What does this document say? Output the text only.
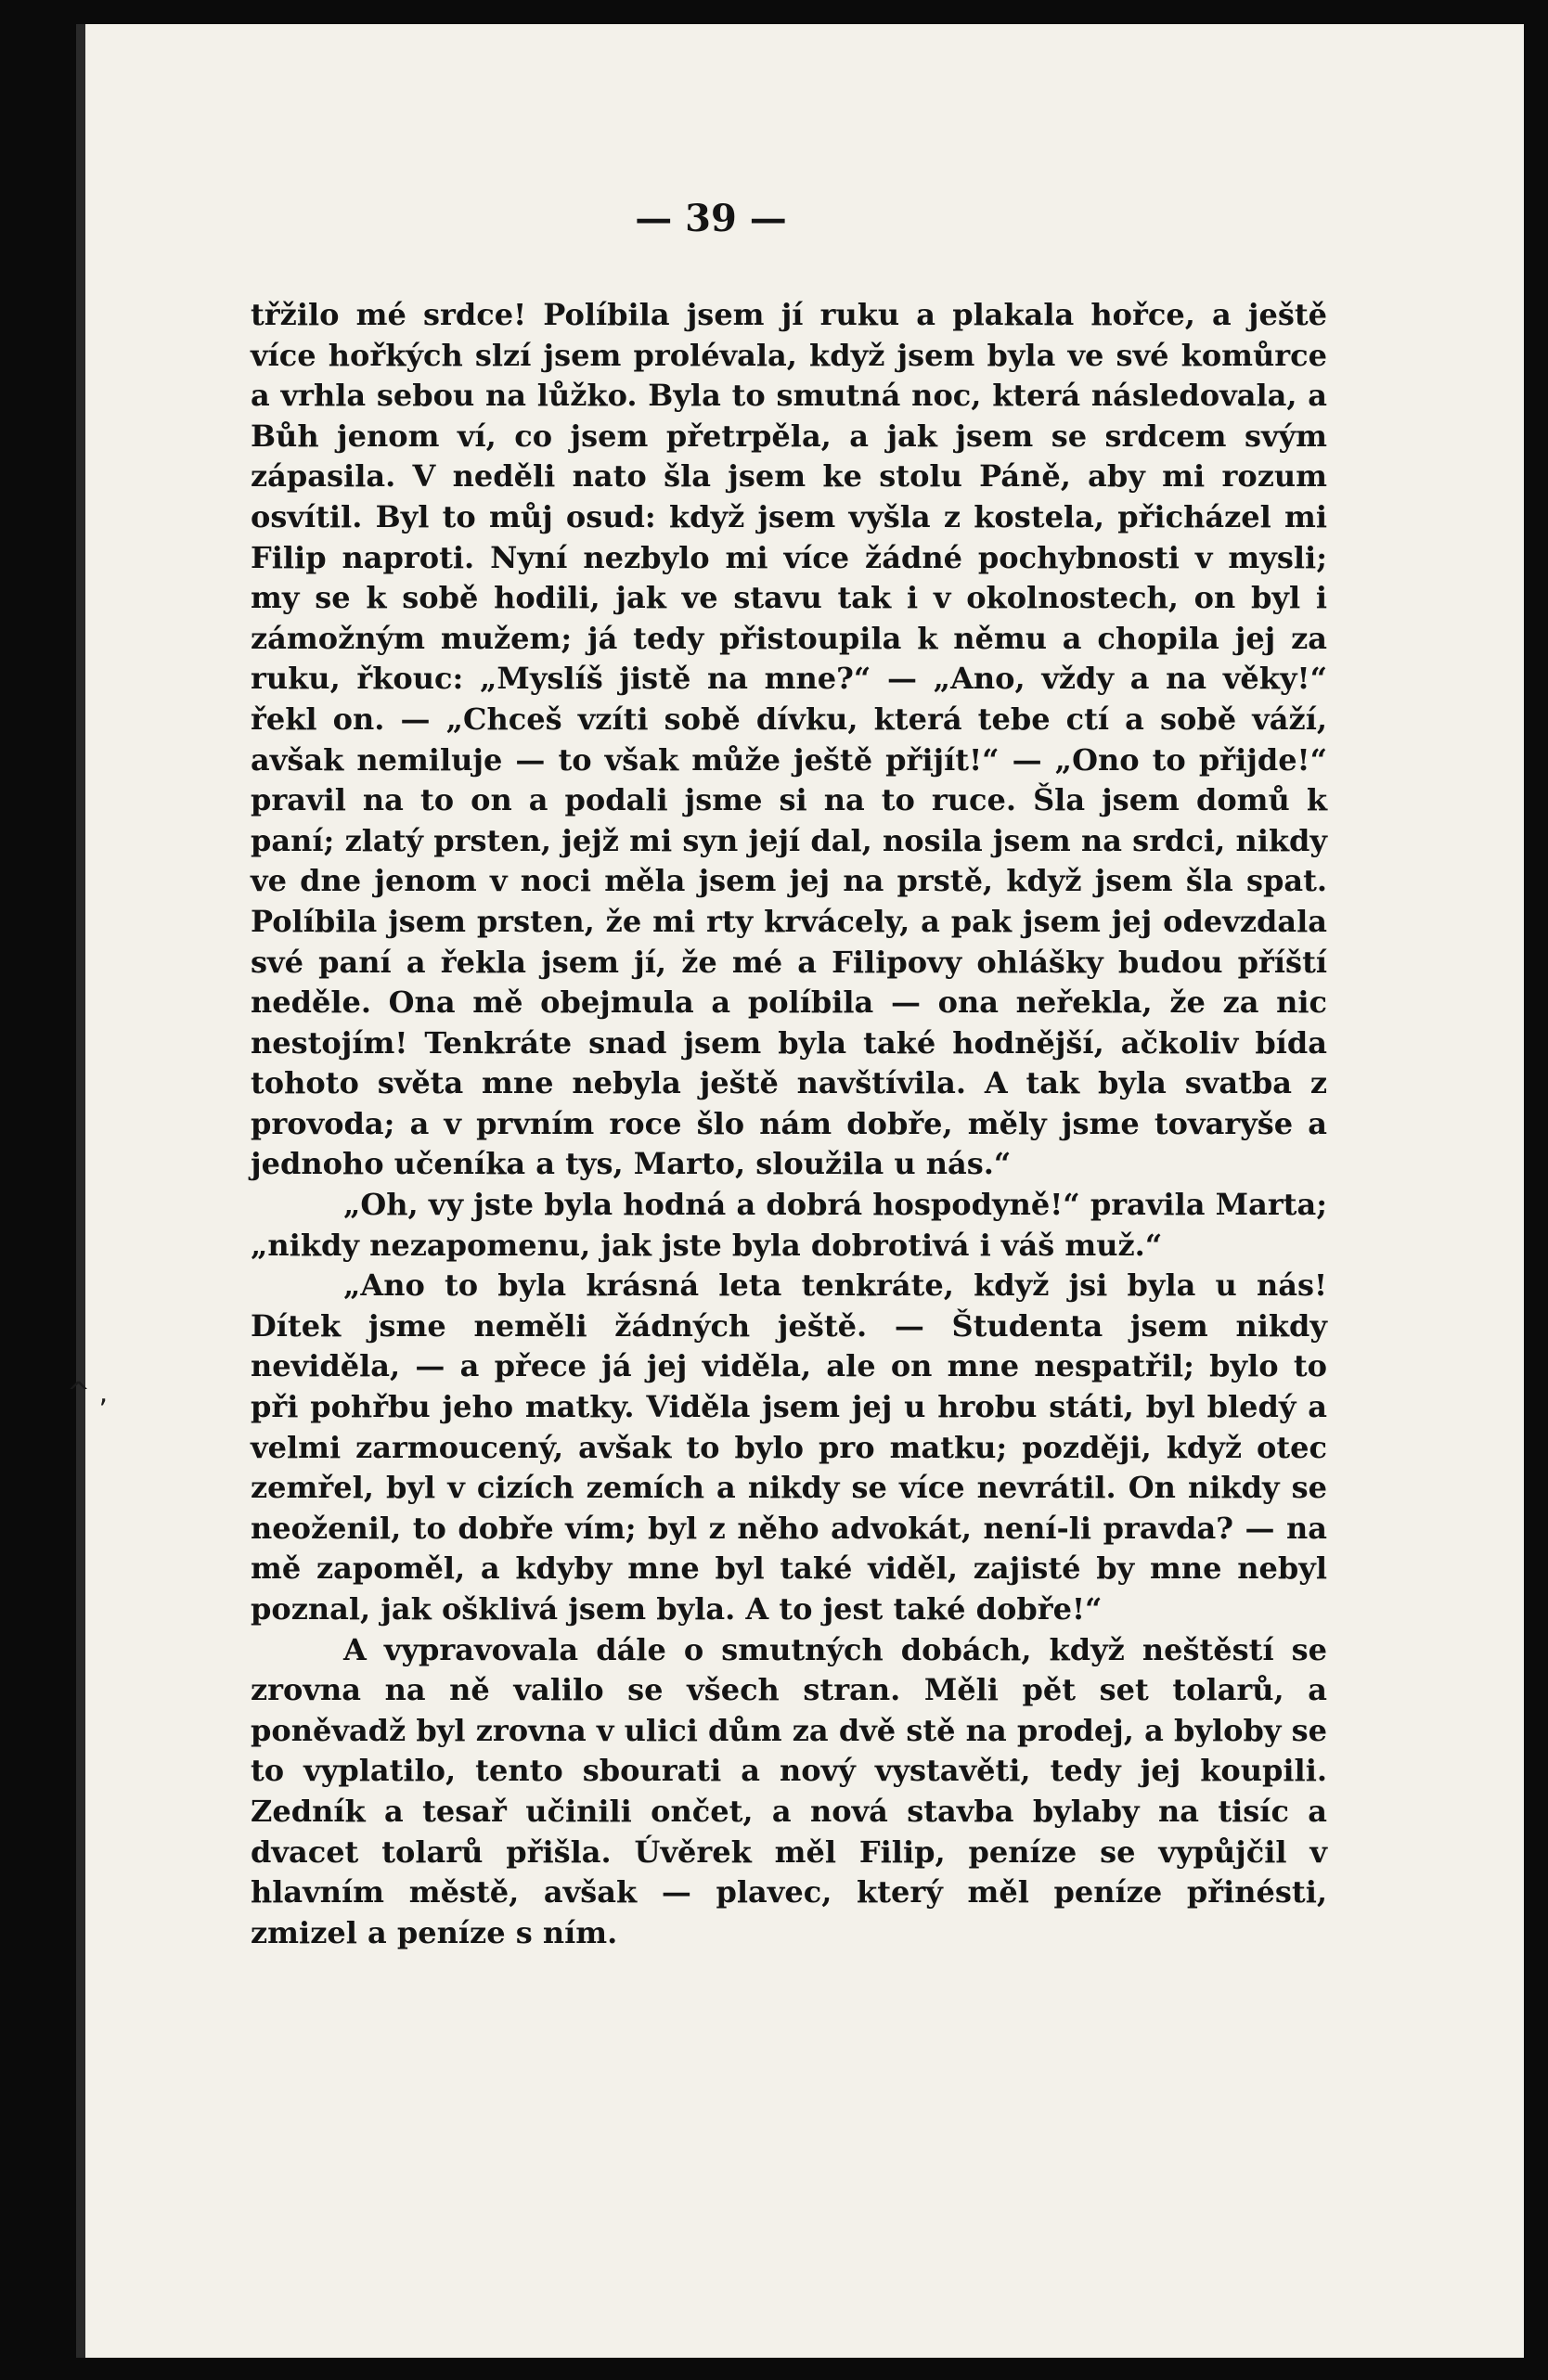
^ ,
— 39 —

třžilo mé srdce! Políbila jsem jí ruku a plakala hořce, a ještě více hořkých slzí jsem prolévala, když jsem byla ve své komůrce a vrhla sebou na lůžko. Byla to smutná noc, která následovala, a Bůh jenom ví, co jsem přetrpěla, a jak jsem se srdcem svým zápasila. V neděli nato šla jsem ke stolu Páně, aby mi rozum osvítil. Byl to můj osud: když jsem vyšla z kostela, přicházel mi Filip naproti. Nyní nezbylo mi více žádné pochybnosti v mysli; my se k sobě hodili, jak ve stavu tak i v okolnostech, on byl i zámožným mužem; já tedy přistoupila k němu a chopila jej za ruku, řkouc: „Myslíš jistě na mne?“ — „Ano, vždy a na věky!“ řekl on. — „Chceš vzíti sobě dívku, která tebe ctí a sobě váží, avšak nemiluje — to však může ještě přijít!“ — „Ono to přijde!“ pravil na to on a podali jsme si na to ruce. Šla jsem domů k paní; zlatý prsten, jejž mi syn její dal, nosila jsem na srdci, nikdy ve dne jenom v noci měla jsem jej na prstě, když jsem šla spat. Políbila jsem prsten, že mi rty krvácely, a pak jsem jej odevzdala své paní a řekla jsem jí, že mé a Filipovy ohlášky budou příští neděle. Ona mě obejmula a políbila — ona neřekla, že za nic nestojím! Tenkráte snad jsem byla také hodnější, ačkoliv bída tohoto světa mne nebyla ještě navštívila. A tak byla svatba z provoda; a v prvním roce šlo nám dobře, měly jsme tovaryše a jednoho učeníka a tys, Marto, sloužila u nás.“

„Oh, vy jste byla hodná a dobrá hospodyně!“ pravila Marta; „nikdy nezapomenu, jak jste byla dobrotivá i váš muž.“

„Ano to byla krásná leta tenkráte, když jsi byla u nás! Dítek jsme neměli žádných ještě. — Študenta jsem nikdy neviděla, — a přece já jej viděla, ale on mne nespatřil; bylo to při pohřbu jeho matky. Viděla jsem jej u hrobu státi, byl bledý a velmi zarmoucený, avšak to bylo pro matku; později, když otec zemřel, byl v cizích zemích a nikdy se více nevrátil. On nikdy se neoženil, to dobře vím; byl z něho advokát, není-li pravda? — na mě zapoměl, a kdyby mne byl také viděl, zajisté by mne nebyl poznal, jak ošklivá jsem byla. A to jest také dobře!“

A vypravovala dále o smutných dobách, když neštěstí se zrovna na ně valilo se všech stran. Měli pět set tolarů, a poněvadž byl zrovna v ulici dům za dvě stě na prodej, a byloby se to vyplatilo, tento sbourati a nový vystavěti, tedy jej koupili. Zedník a tesař učinili ončet, a nová stavba bylaby na tisíc a dvacet tolarů přišla. Úvěrek měl Filip, peníze se vypůjčil v hlavním městě, avšak — plavec, který měl peníze přinésti, zmizel a peníze s ním.
